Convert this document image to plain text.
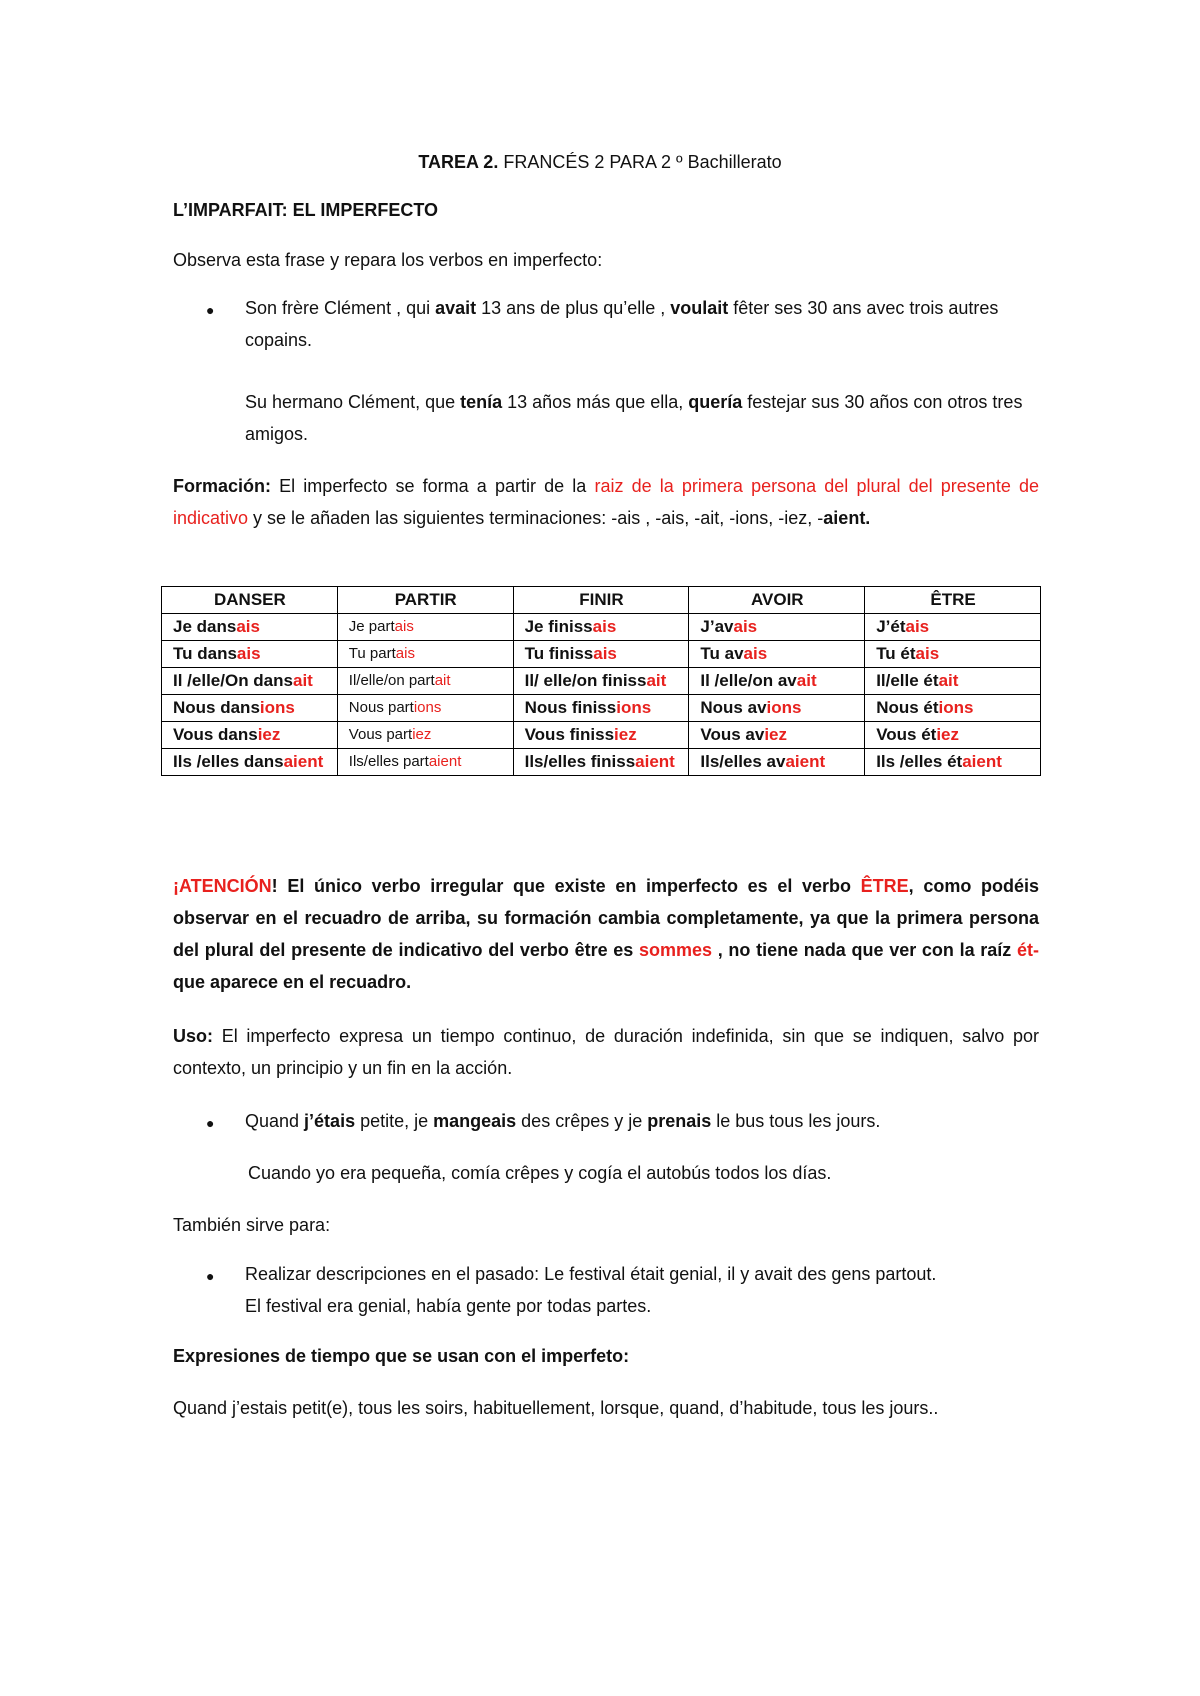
TAREA 2. FRANCÉS 2 PARA 2 º Bachillerato
L’IMPARFAIT: EL IMPERFECTO
Observa esta frase y repara los verbos en imperfecto:
● Son frère Clément , qui avait 13 ans de plus qu’elle , voulait fêter ses 30 ans avec trois autres copains.
Su hermano Clément, que tenía 13 años más que ella, quería festejar sus 30 años con otros tres amigos.
Formación: El imperfecto se forma a partir de la raiz de la primera persona del plural del presente de indicativo y se le añaden las siguientes terminaciones: -ais , -ais, -ait, -ions, -iez, -aient.
DANSER	PARTIR	FINIR	AVOIR	ÊTRE
Je dansais	Je partais	Je finissais	J’avais	J’étais
Tu dansais	Tu partais	Tu finissais	Tu avais	Tu étais
Il /elle/On dansait	Il/elle/on partait	Il/ elle/on finissait	Il /elle/on avait	Il/elle était
Nous dansions	Nous partions	Nous finissions	Nous avions	Nous étions
Vous dansiez	Vous partiez	Vous finissiez	Vous aviez	Vous étiez
Ils /elles dansaient	Ils/elles partaient	Ils/elles finissaient	Ils/elles avaient	Ils /elles étaient
¡ATENCIÓN! El único verbo irregular que existe en imperfecto es el verbo ÊTRE, como podéis observar en el recuadro de arriba, su formación cambia completamente, ya que la primera persona del plural del presente de indicativo del verbo être es sommes , no tiene nada que ver con la raíz ét- que aparece en el recuadro.
Uso: El imperfecto expresa un tiempo continuo, de duración indefinida, sin que se indiquen, salvo por contexto, un principio y un fin en la acción.
● Quand j’étais petite, je mangeais des crêpes y je prenais le bus tous les jours.
Cuando yo era pequeña, comía crêpes y cogía el autobús todos los días.
También sirve para:
● Realizar descripciones en el pasado: Le festival était genial, il y avait des gens partout.
El festival era genial, había gente por todas partes.
Expresiones de tiempo que se usan con el imperfeto:
Quand j’estais petit(e), tous les soirs, habituellement, lorsque, quand, d’habitude, tous les jours..
